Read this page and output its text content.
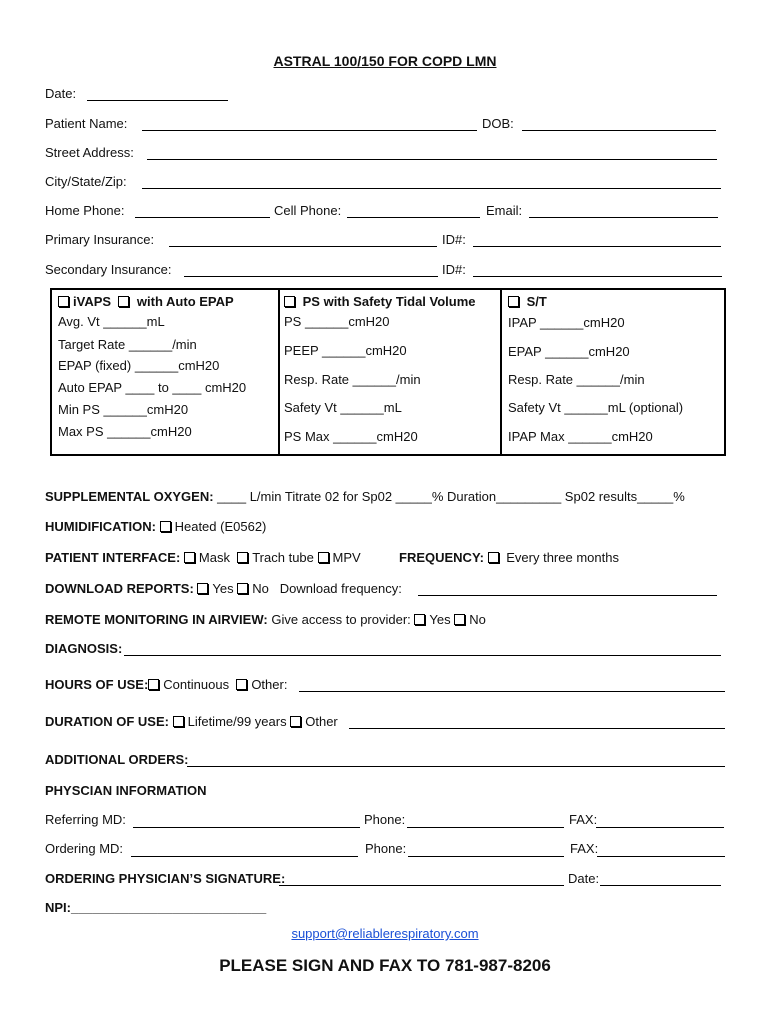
ASTRAL 100/150 FOR COPD LMN
Date:
Patient Name:	DOB:
Street Address:
City/State/Zip:
Home Phone:	Cell Phone:	Email:
Primary Insurance:	ID#:
Secondary Insurance:	ID#:
iVAPS with Auto EPAP
Avg. Vt ______mL
Target Rate ______/min
EPAP (fixed) ______cmH20
Auto EPAP ____ to ____ cmH20
Min PS ______cmH20
Max PS ______cmH20
PS with Safety Tidal Volume
PS ______cmH20
PEEP ______cmH20
Resp. Rate ______/min
Safety Vt ______mL
PS Max ______cmH20
S/T
IPAP ______cmH20
EPAP ______cmH20
Resp. Rate ______/min
Safety Vt ______mL (optional)
IPAP Max ______cmH20
SUPPLEMENTAL OXYGEN: ____ L/min Titrate 02 for Sp02 _____% Duration_________ Sp02 results_____%
HUMIDIFICATION: Heated (E0562)
PATIENT INTERFACE: Mask Trach tube MPV	FREQUENCY: Every three months
DOWNLOAD REPORTS: Yes No Download frequency:
REMOTE MONITORING IN AIRVIEW: Give access to provider: Yes No
DIAGNOSIS:
HOURS OF USE: Continuous Other:
DURATION OF USE: Lifetime/99 years Other
ADDITIONAL ORDERS:
PHYSCIAN INFORMATION
Referring MD:	Phone:	FAX:
Ordering MD:	Phone:	FAX:
ORDERING PHYSICIAN’S SIGNATURE:	Date:
NPI:___________________________
support@reliablerespiratory.com
PLEASE SIGN AND FAX TO 781-987-8206
